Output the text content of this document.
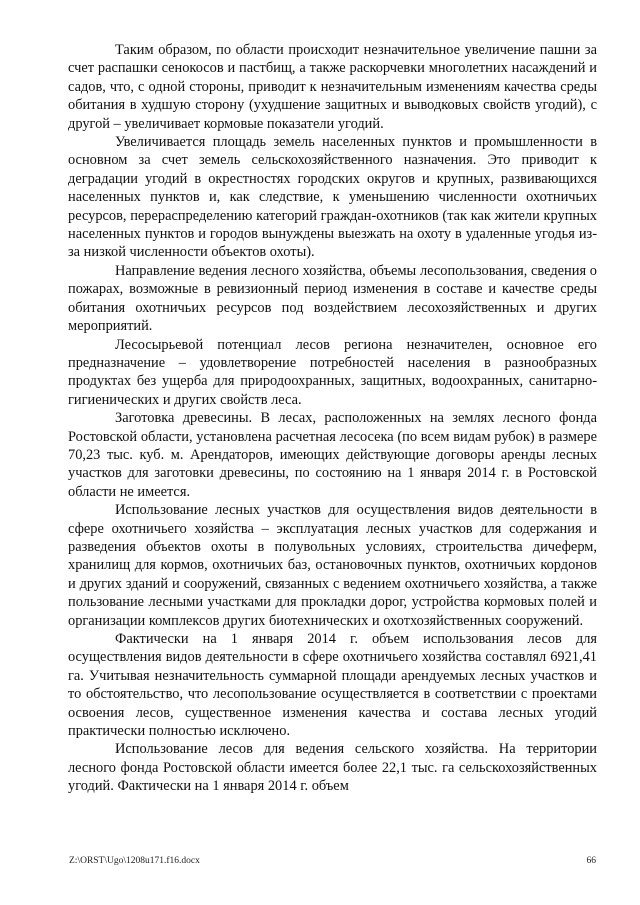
Таким образом, по области происходит незначительное увеличение пашни за счет распашки сенокосов и пастбищ, а также раскорчевки многолетних насаждений и садов, что, с одной стороны, приводит к незначительным изменениям качества среды обитания в худшую сторону (ухудшение защитных и выводковых свойств угодий), с другой – увеличивает кормовые показатели угодий.

Увеличивается площадь земель населенных пунктов и промышленности в основном за счет земель сельскохозяйственного назначения. Это приводит к деградации угодий в окрестностях городских округов и крупных, развивающихся населенных пунктов и, как следствие, к уменьшению численности охотничьих ресурсов, перераспределению категорий граждан-охотников (так как жители крупных населенных пунктов и городов вынуждены выезжать на охоту в удаленные угодья из-за низкой численности объектов охоты).

Направление ведения лесного хозяйства, объемы лесопользования, сведения о пожарах, возможные в ревизионный период изменения в составе и качестве среды обитания охотничьих ресурсов под воздействием лесохозяйственных и других мероприятий.

Лесосырьевой потенциал лесов региона незначителен, основное его предназначение – удовлетворение потребностей населения в разнообразных продуктах без ущерба для природоохранных, защитных, водоохранных, санитарно-гигиенических и других свойств леса.

Заготовка древесины. В лесах, расположенных на землях лесного фонда Ростовской области, установлена расчетная лесосека (по всем видам рубок) в размере 70,23 тыс. куб. м. Арендаторов, имеющих действующие договоры аренды лесных участков для заготовки древесины, по состоянию на 1 января 2014 г. в Ростовской области не имеется.

Использование лесных участков для осуществления видов деятельности в сфере охотничьего хозяйства – эксплуатация лесных участков для содержания и разведения объектов охоты в полувольных условиях, строительства дичеферм, хранилищ для кормов, охотничьих баз, остановочных пунктов, охотничьих кордонов и других зданий и сооружений, связанных с ведением охотничьего хозяйства, а также пользование лесными участками для прокладки дорог, устройства кормовых полей и организации комплексов других биотехнических и охотхозяйственных сооружений.

Фактически на 1 января 2014 г. объем использования лесов для осуществления видов деятельности в сфере охотничьего хозяйства составлял 6921,41 га. Учитывая незначительность суммарной площади арендуемых лесных участков и то обстоятельство, что лесопользование осуществляется в соответствии с проектами освоения лесов, существенное изменения качества и состава лесных угодий практически полностью исключено.

Использование лесов для ведения сельского хозяйства. На территории лесного фонда Ростовской области имеется более 22,1 тыс. га сельскохозяйственных угодий. Фактически на 1 января 2014 г. объем

Z:\ORST\Ugo\1208u171.f16.docx	66
